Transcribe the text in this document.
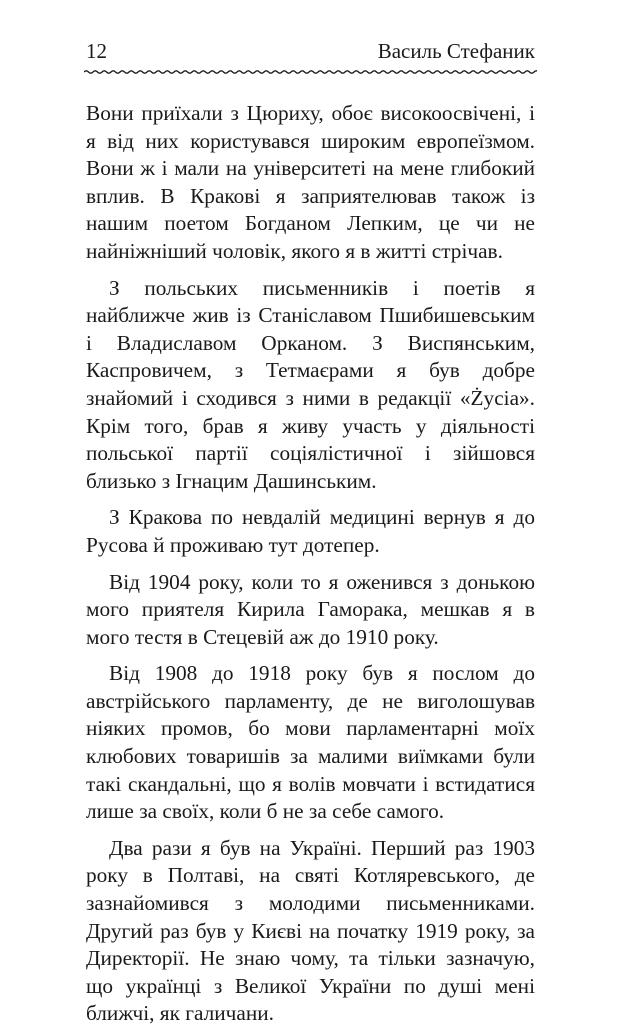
12	Василь Стефаник

Вони приїхали з Цюриху, обоє високоосвічені, і я від них користувався широким европеїзмом. Вони ж і мали на університеті на мене глибокий вплив. В Кракові я заприятелював також із нашим поетом Богданом Лепким, це чи не найніжніший чоловік, якого я в житті стрічав.

З польських письменників і поетів я найближче жив із Станіславом Пшибишевським і Владиславом Орканом. З Виспянським, Каспровичем, з Тетмаєрами я був добре знайомий і сходився з ними в редакції «Życia». Крім того, брав я живу участь у діяльності польської партії соціялістичної і зійшовся близько з Ігнацим Дашинським.

З Кракова по невдалій медицині вернув я до Русова й проживаю тут дотепер.

Від 1904 року, коли то я оженився з донькою мого приятеля Кирила Гаморака, мешкав я в могo тестя в Стецевій аж до 1910 року.

Від 1908 до 1918 року був я послом до австрійського парламенту, де не виголошував ніяких промов, бо мови парламентарні моїх клюбових товаришів за малими виїмками були такі скандальні, що я волів мовчати і встидатися лише за своїх, коли б не за себе самого.

Два рази я був на Україні. Перший раз 1903 року в Полтаві, на святі Котляревського, де зазнайомився з молодими письменниками. Другий раз був у Києві на початку 1919 року, за Директорії. Не знаю чому, та тільки зазначую, що українці з Великої України по душі мені ближчі, як галичани.
